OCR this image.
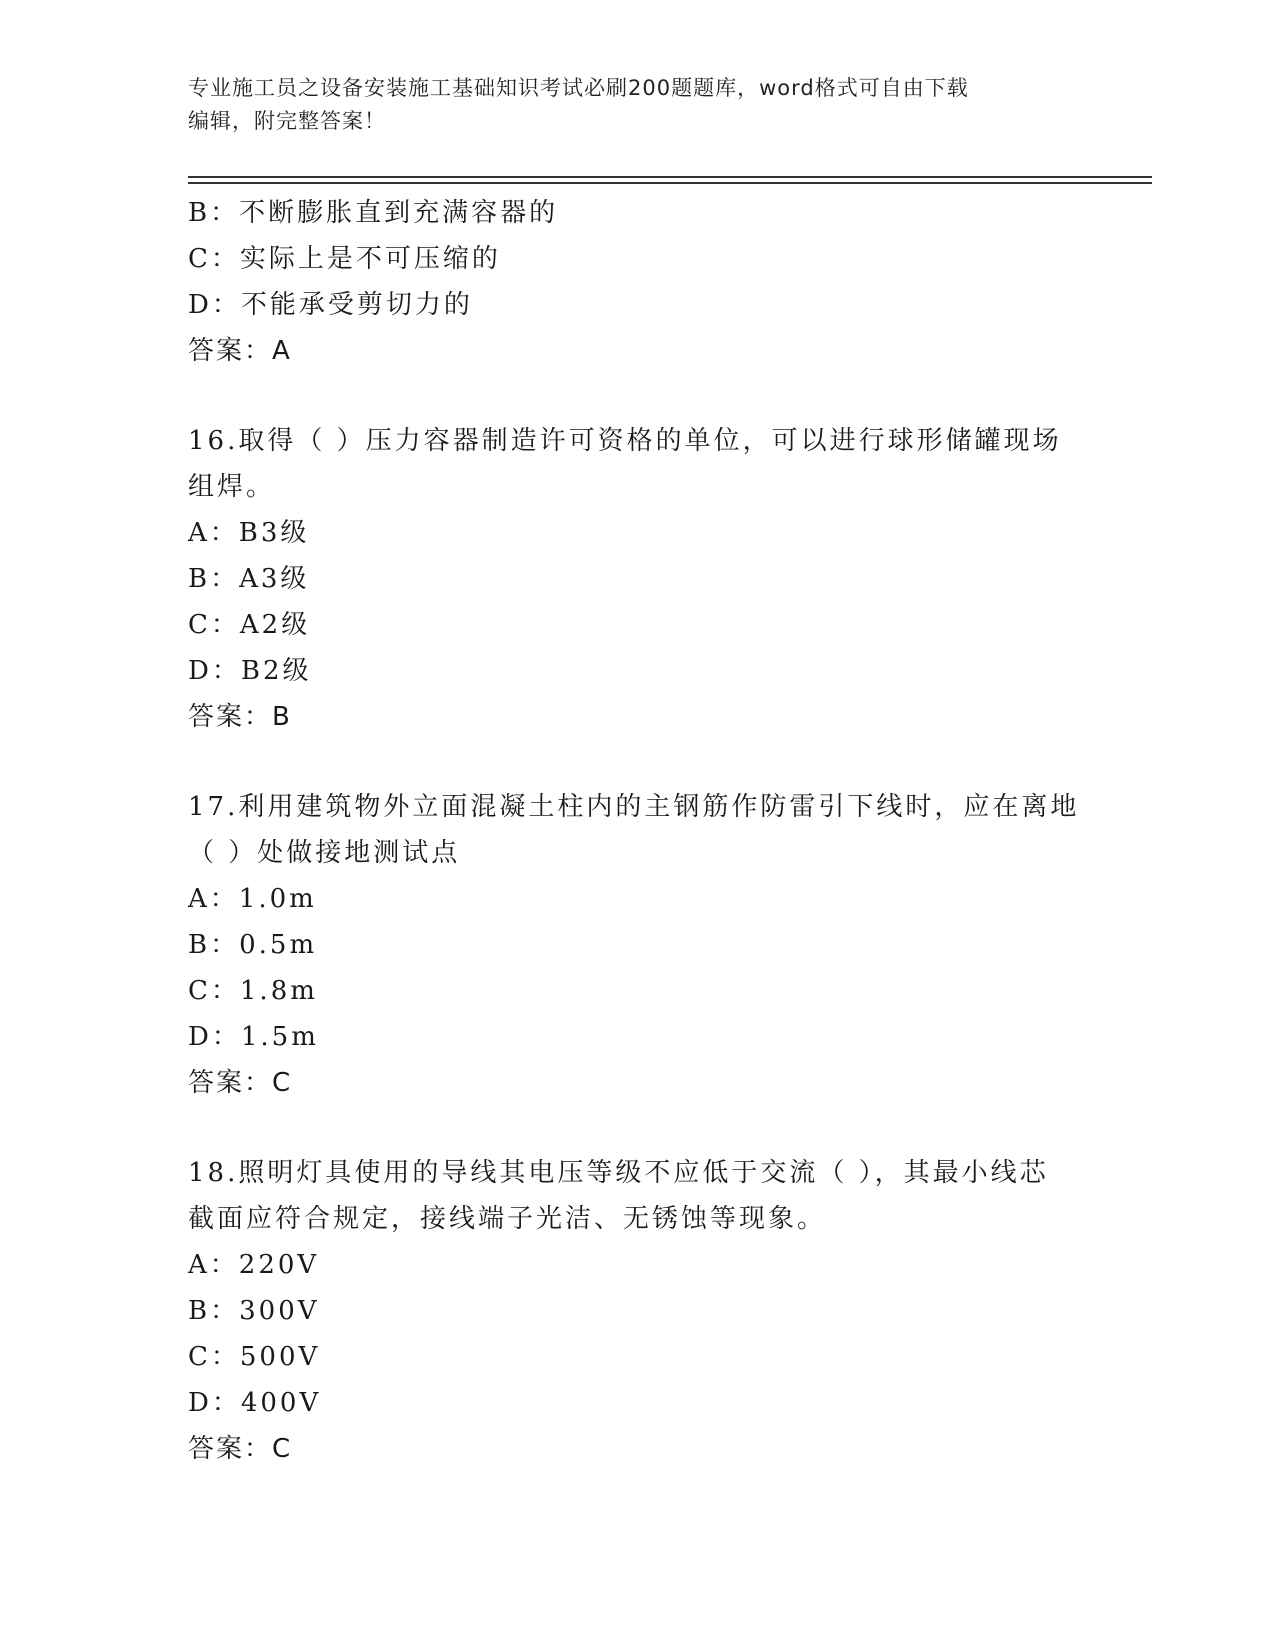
专业施工员之设备安装施工基础知识考试必刷200题题库，word格式可自由下载
编辑，附完整答案！
B：不断膨胀直到充满容器的
C：实际上是不可压缩的
D：不能承受剪切力的
答案：A
16.取得（ ）压力容器制造许可资格的单位，可以进行球形储罐现场
组焊。
A：B3级
B：A3级
C：A2级
D：B2级
答案：B
17.利用建筑物外立面混凝土柱内的主钢筋作防雷引下线时，应在离地
（ ）处做接地测试点
A：1.0m
B：0.5m
C：1.8m
D：1.5m
答案：C
18.照明灯具使用的导线其电压等级不应低于交流（ ），其最小线芯
截面应符合规定，接线端子光洁、无锈蚀等现象。
A：220V
B：300V
C：500V
D：400V
答案：C
